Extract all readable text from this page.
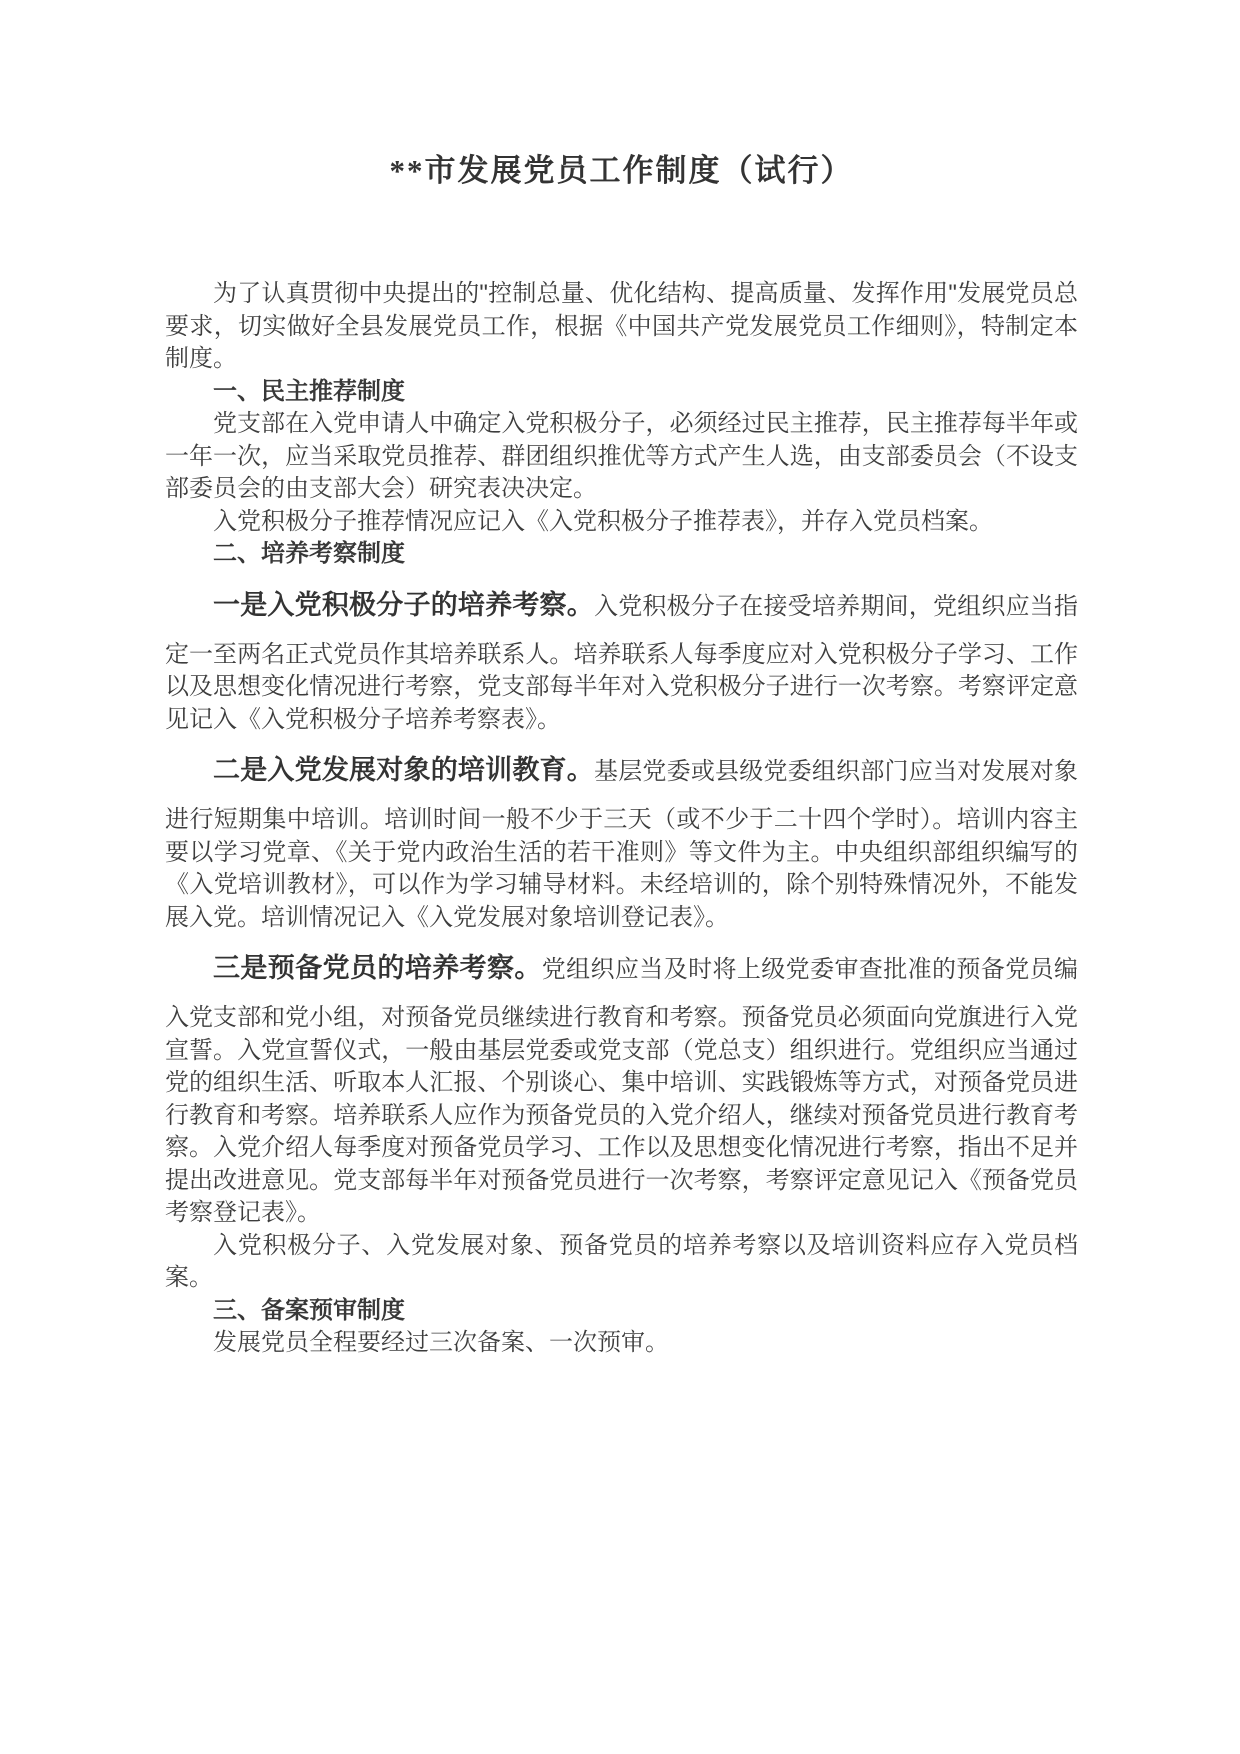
**市发展党员工作制度（试行）

为了认真贯彻中央提出的"控制总量、优化结构、提高质量、发挥作用"发展党员总要求，切实做好全县发展党员工作，根据《中国共产党发展党员工作细则》，特制定本制度。

一、民主推荐制度

党支部在入党申请人中确定入党积极分子，必须经过民主推荐，民主推荐每半年或一年一次，应当采取党员推荐、群团组织推优等方式产生人选，由支部委员会（不设支部委员会的由支部大会）研究表决决定。

入党积极分子推荐情况应记入《入党积极分子推荐表》，并存入党员档案。

二、培养考察制度

一是入党积极分子的培养考察。入党积极分子在接受培养期间，党组织应当指定一至两名正式党员作其培养联系人。培养联系人每季度应对入党积极分子学习、工作以及思想变化情况进行考察，党支部每半年对入党积极分子进行一次考察。考察评定意见记入《入党积极分子培养考察表》。

二是入党发展对象的培训教育。基层党委或县级党委组织部门应当对发展对象进行短期集中培训。培训时间一般不少于三天（或不少于二十四个学时）。培训内容主要以学习党章、《关于党内政治生活的若干准则》等文件为主。中央组织部组织编写的《入党培训教材》，可以作为学习辅导材料。未经培训的，除个别特殊情况外，不能发展入党。培训情况记入《入党发展对象培训登记表》。

三是预备党员的培养考察。党组织应当及时将上级党委审查批准的预备党员编入党支部和党小组，对预备党员继续进行教育和考察。预备党员必须面向党旗进行入党宣誓。入党宣誓仪式，一般由基层党委或党支部（党总支）组织进行。党组织应当通过党的组织生活、听取本人汇报、个别谈心、集中培训、实践锻炼等方式，对预备党员进行教育和考察。培养联系人应作为预备党员的入党介绍人，继续对预备党员进行教育考察。入党介绍人每季度对预备党员学习、工作以及思想变化情况进行考察，指出不足并提出改进意见。党支部每半年对预备党员进行一次考察，考察评定意见记入《预备党员考察登记表》。

入党积极分子、入党发展对象、预备党员的培养考察以及培训资料应存入党员档案。

三、备案预审制度

发展党员全程要经过三次备案、一次预审。
